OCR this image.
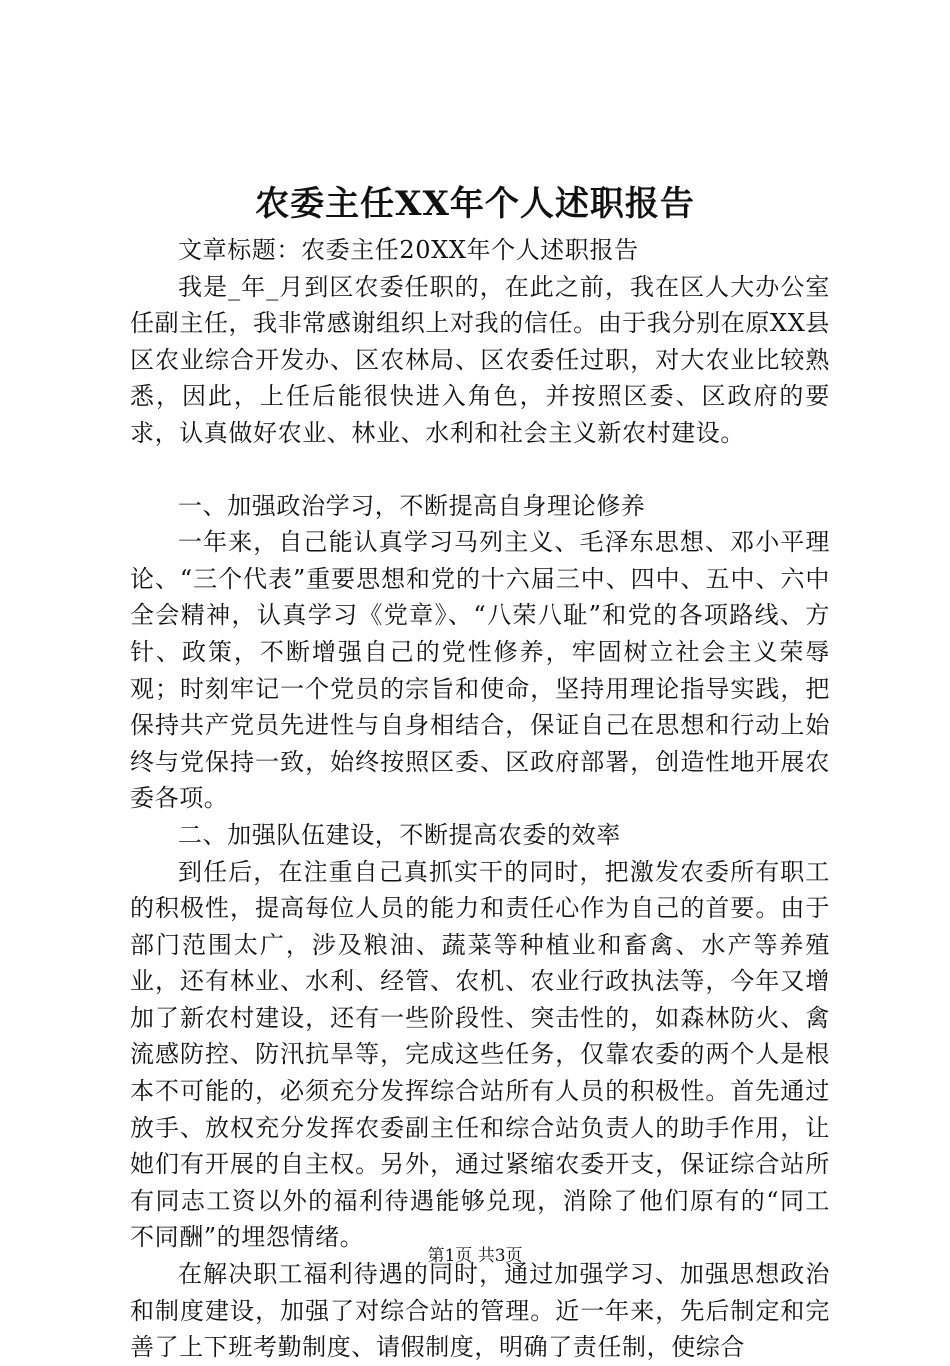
农委主任XX年个人述职报告

文章标题：农委主任20XX年个人述职报告

我是_年_月到区农委任职的，在此之前，我在区人大办公室任副主任，我非常感谢组织上对我的信任。由于我分别在原XX县区农业综合开发办、区农林局、区农委任过职，对大农业比较熟悉，因此，上任后能很快进入角色，并按照区委、区政府的要求，认真做好农业、林业、水利和社会主义新农村建设。

一、加强政治学习，不断提高自身理论修养

一年来，自己能认真学习马列主义、毛泽东思想、邓小平理论、“三个代表”重要思想和党的十六届三中、四中、五中、六中全会精神，认真学习《党章》、“八荣八耻”和党的各项路线、方针、政策，不断增强自己的党性修养，牢固树立社会主义荣辱观；时刻牢记一个党员的宗旨和使命，坚持用理论指导实践，把保持共产党员先进性与自身相结合，保证自己在思想和行动上始终与党保持一致，始终按照区委、区政府部署，创造性地开展农委各项。

二、加强队伍建设，不断提高农委的效率

到任后，在注重自己真抓实干的同时，把激发农委所有职工的积极性，提高每位人员的能力和责任心作为自己的首要。由于部门范围太广，涉及粮油、蔬菜等种植业和畜禽、水产等养殖业，还有林业、水利、经管、农机、农业行政执法等，今年又增加了新农村建设，还有一些阶段性、突击性的，如森林防火、禽流感防控、防汛抗旱等，完成这些任务，仅靠农委的两个人是根本不可能的，必须充分发挥综合站所有人员的积极性。首先通过放手、放权充分发挥农委副主任和综合站负责人的助手作用，让她们有开展的自主权。另外，通过紧缩农委开支，保证综合站所有同志工资以外的福利待遇能够兑现，消除了他们原有的“同工不同酬”的埋怨情绪。

在解决职工福利待遇的同时，通过加强学习、加强思想政治和制度建设，加强了对综合站的管理。近一年来，先后制定和完善了上下班考勤制度、请假制度，明确了责任制，使综合

第1页 共3页
